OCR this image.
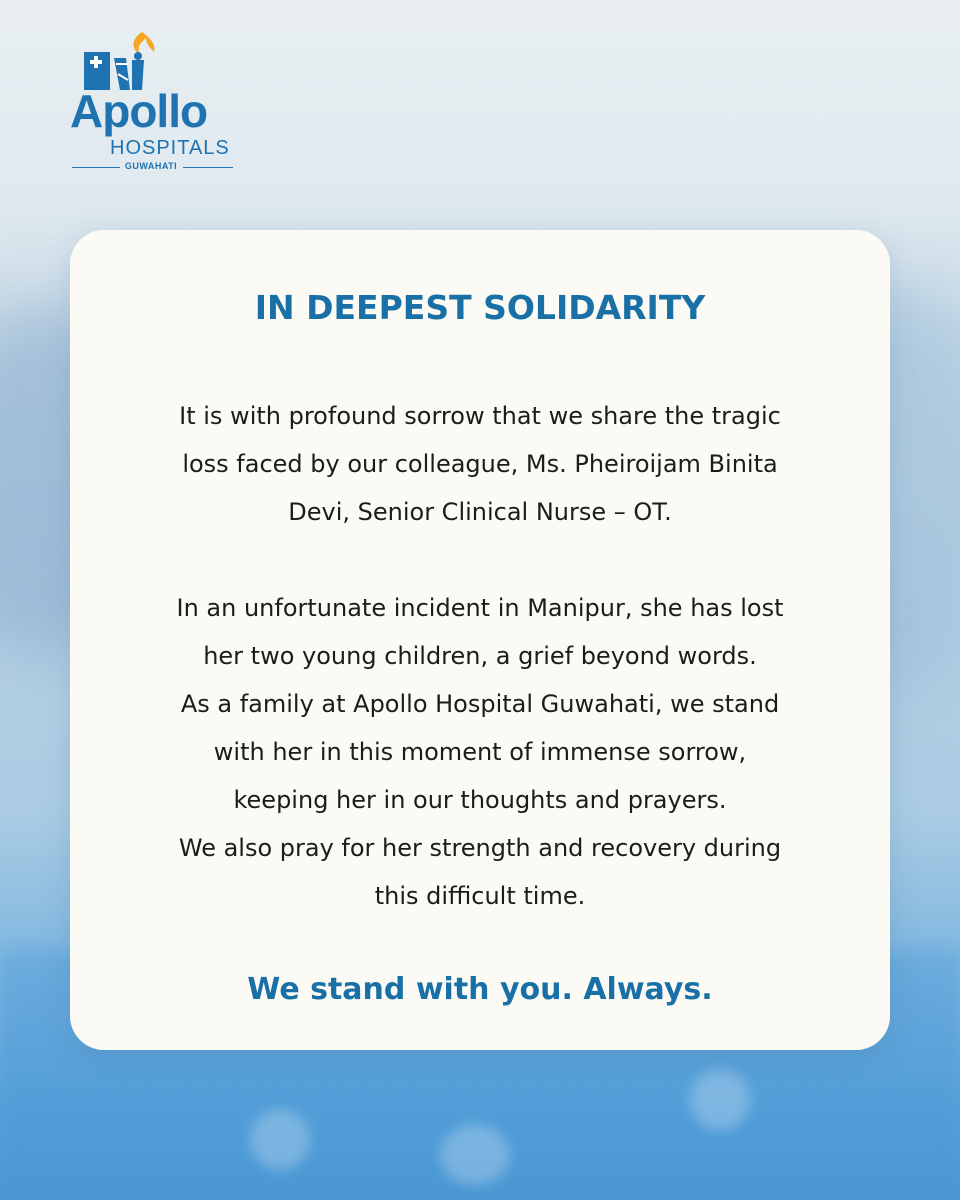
Apollo
HOSPITALS
GUWAHATI
IN DEEPEST SOLIDARITY
It is with profound sorrow that we share the tragic
loss faced by our colleague, Ms. Pheiroijam Binita
Devi, Senior Clinical Nurse – OT.
In an unfortunate incident in Manipur, she has lost
her two young children, a grief beyond words.
As a family at Apollo Hospital Guwahati, we stand
with her in this moment of immense sorrow,
keeping her in our thoughts and prayers.
We also pray for her strength and recovery during
this difficult time.
We stand with you. Always.
